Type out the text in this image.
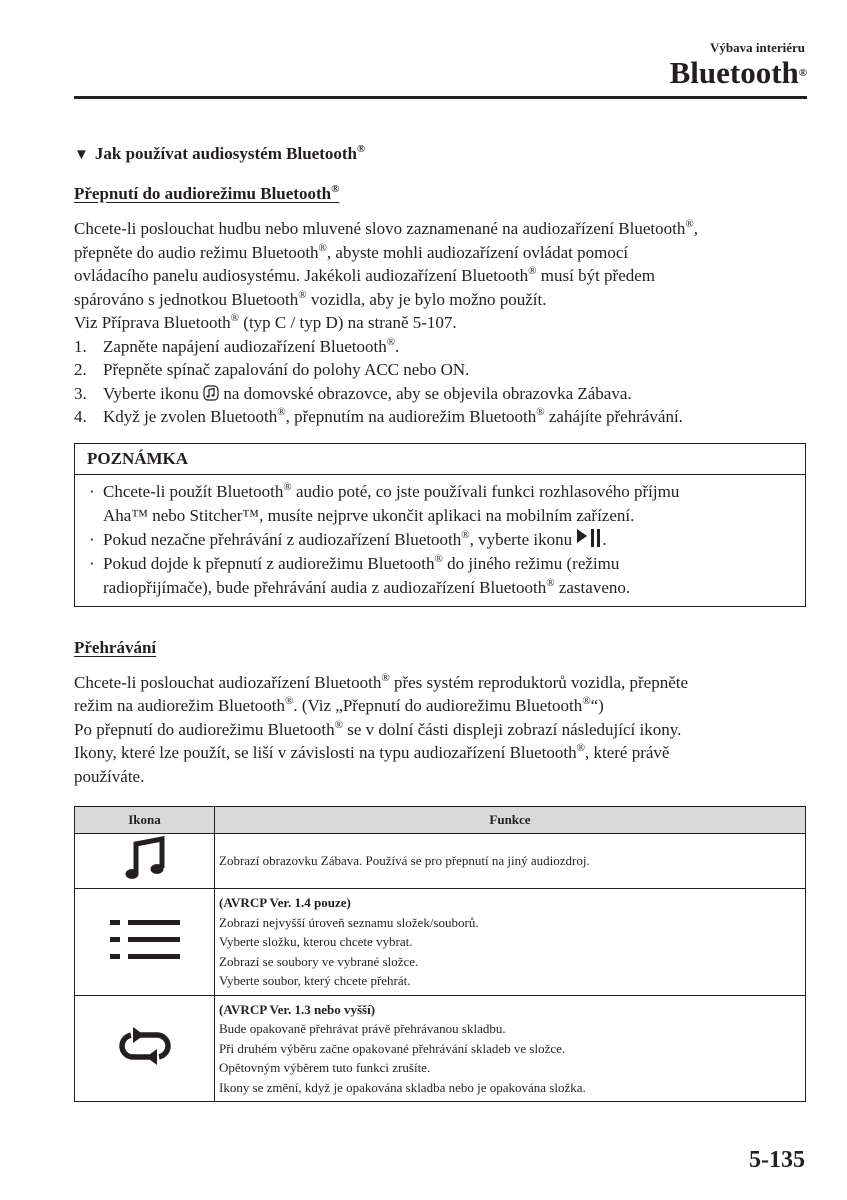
Výbava interiéru
Bluetooth®
▼ Jak používat audiosystém Bluetooth®
Přepnutí do audiorežimu Bluetooth®

Chcete-li poslouchat hudbu nebo mluvené slovo zaznamenané na audiozařízení Bluetooth®,
přepněte do audio režimu Bluetooth®, abyste mohli audiozařízení ovládat pomocí
ovládacího panelu audiosystému. Jakékoli audiozařízení Bluetooth® musí být předem
spárováno s jednotkou Bluetooth® vozidla, aby je bylo možno použít.
Viz Příprava Bluetooth® (typ C / typ D) na straně 5-107.

1. Zapněte napájení audiozařízení Bluetooth®.
2. Přepněte spínač zapalování do polohy ACC nebo ON.
3. Vyberte ikonu na domovské obrazovce, aby se objevila obrazovka Zábava.
4. Když je zvolen Bluetooth®, přepnutím na audiorežim Bluetooth® zahájíte přehrávání.
POZNÁMKA
· Chcete-li použít Bluetooth® audio poté, co jste používali funkci rozhlasového příjmu
Aha™ nebo Stitcher™, musíte nejprve ukončit aplikaci na mobilním zařízení.
· Pokud nezačne přehrávání z audiozařízení Bluetooth®, vyberte ikonu .
· Pokud dojde k přepnutí z audiorežimu Bluetooth® do jiného režimu (režimu
radiopřijímače), bude přehrávání audia z audiozařízení Bluetooth® zastaveno.
Přehrávání

Chcete-li poslouchat audiozařízení Bluetooth® přes systém reproduktorů vozidla, přepněte
režim na audiorežim Bluetooth®. (Viz „Přepnutí do audiorežimu Bluetooth®“)
Po přepnutí do audiorežimu Bluetooth® se v dolní části displeji zobrazí následující ikony.
Ikony, které lze použít, se liší v závislosti na typu audiozařízení Bluetooth®, které právě
používáte.

Ikona	Funkce
	Zobrazí obrazovku Zábava. Používá se pro přepnutí na jiný audiozdroj.
	(AVRCP Ver. 1.4 pouze)
Zobrazí nejvyšší úroveň seznamu složek/souborů.
Vyberte složku, kterou chcete vybrat.
Zobrazí se soubory ve vybrané složce.
Vyberte soubor, který chcete přehrát.
	(AVRCP Ver. 1.3 nebo vyšší)
Bude opakovaně přehrávat právě přehrávanou skladbu.
Při druhém výběru začne opakované přehrávání skladeb ve složce.
Opětovným výběrem tuto funkci zrušíte.
Ikony se změní, když je opakována skladba nebo je opakována složka.
5-135
